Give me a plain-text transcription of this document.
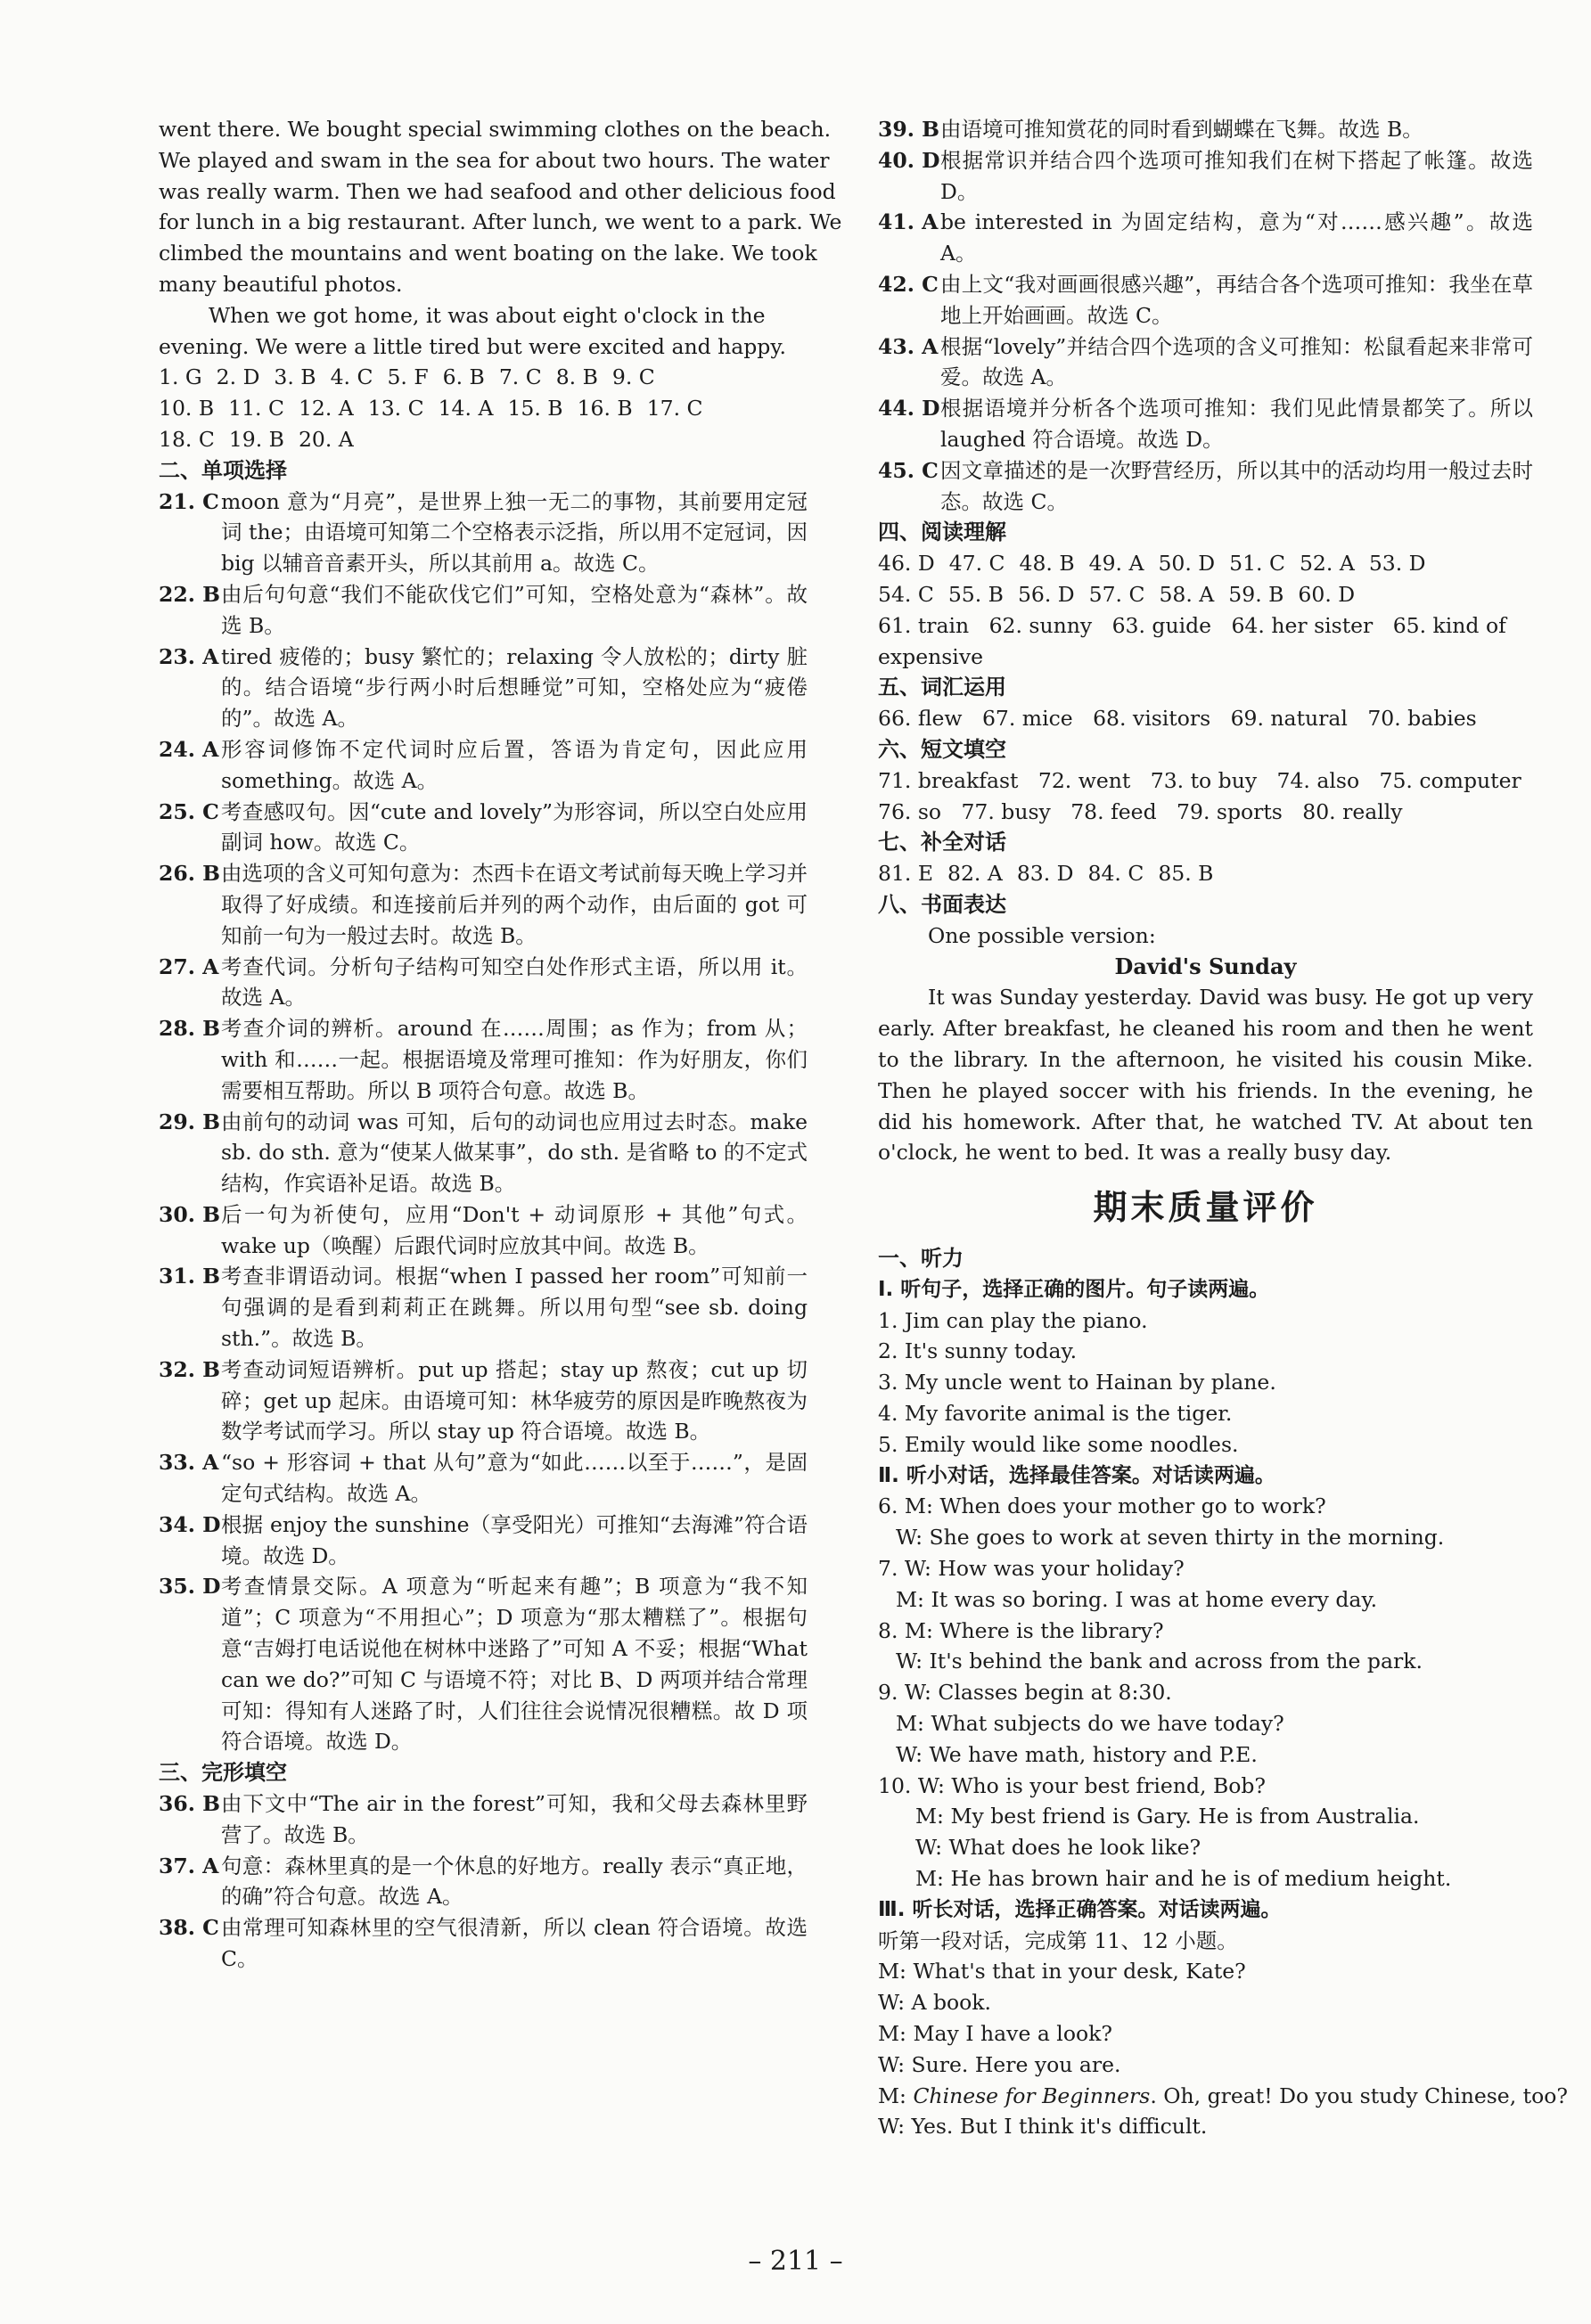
went there. We bought special swimming clothes on the beach.
We played and swam in the sea for about two hours. The water
was really warm. Then we had seafood and other delicious food
for lunch in a big restaurant. After lunch, we went to a park. We
climbed the mountains and went boating on the lake. We took
many beautiful photos.
When we got home, it was about eight o'clock in the evening. We were a little tired but were excited and happy.
1. G 2. D 3. B 4. C 5. F 6. B 7. C 8. B 9. C
10. B 11. C 12. A 13. C 14. A 15. B 16. B 17. C
18. C 19. B 20. A
二、单项选择
21. C moon 意为“月亮”，是世界上独一无二的事物，其前要用定冠词 the；由语境可知第二个空格表示泛指，所以用不定冠词，因 big 以辅音音素开头，所以其前用 a。故选 C。
22. B 由后句句意“我们不能砍伐它们”可知，空格处意为“森林”。故选 B。
23. A tired 疲倦的；busy 繁忙的；relaxing 令人放松的；dirty 脏的。结合语境“步行两小时后想睡觉”可知，空格处应为“疲倦的”。故选 A。
24. A 形容词修饰不定代词时应后置，答语为肯定句，因此应用 something。故选 A。
25. C 考查感叹句。因“cute and lovely”为形容词，所以空白处应用副词 how。故选 C。
26. B 由选项的含义可知句意为：杰西卡在语文考试前每天晚上学习并取得了好成绩。和连接前后并列的两个动作，由后面的 got 可知前一句为一般过去时。故选 B。
27. A 考查代词。分析句子结构可知空白处作形式主语，所以用 it。故选 A。
28. B 考查介词的辨析。around 在……周围；as 作为；from 从；with 和……一起。根据语境及常理可推知：作为好朋友，你们需要相互帮助。所以 B 项符合句意。故选 B。
29. B 由前句的动词 was 可知，后句的动词也应用过去时态。make sb. do sth. 意为“使某人做某事”，do sth. 是省略 to 的不定式结构，作宾语补足语。故选 B。
30. B 后一句为祈使句，应用“Don't + 动词原形 + 其他”句式。wake up（唤醒）后跟代词时应放其中间。故选 B。
31. B 考查非谓语动词。根据“when I passed her room”可知前一句强调的是看到莉莉正在跳舞。所以用句型“see sb. doing sth.”。故选 B。
32. B 考查动词短语辨析。put up 搭起；stay up 熬夜；cut up 切碎；get up 起床。由语境可知：林华疲劳的原因是昨晚熬夜为数学考试而学习。所以 stay up 符合语境。故选 B。
33. A “so + 形容词 + that 从句”意为“如此……以至于……”，是固定句式结构。故选 A。
34. D 根据 enjoy the sunshine（享受阳光）可推知“去海滩”符合语境。故选 D。
35. D 考查情景交际。A 项意为“听起来有趣”；B 项意为“我不知道”；C 项意为“不用担心”；D 项意为“那太糟糕了”。根据句意“吉姆打电话说他在树林中迷路了”可知 A 不妥；根据“What can we do?”可知 C 与语境不符；对比 B、D 两项并结合常理可知：得知有人迷路了时，人们往往会说情况很糟糕。故 D 项符合语境。故选 D。
三、完形填空
36. B 由下文中“The air in the forest”可知，我和父母去森林里野营了。故选 B。
37. A 句意：森林里真的是一个休息的好地方。really 表示“真正地，的确”符合句意。故选 A。
38. C 由常理可知森林里的空气很清新，所以 clean 符合语境。故选 C。
39. B 由语境可推知赏花的同时看到蝴蝶在飞舞。故选 B。
40. D 根据常识并结合四个选项可推知我们在树下搭起了帐篷。故选 D。
41. A be interested in 为固定结构，意为“对……感兴趣”。故选 A。
42. C 由上文“我对画画很感兴趣”，再结合各个选项可推知：我坐在草地上开始画画。故选 C。
43. A 根据“lovely”并结合四个选项的含义可推知：松鼠看起来非常可爱。故选 A。
44. D 根据语境并分析各个选项可推知：我们见此情景都笑了。所以 laughed 符合语境。故选 D。
45. C 因文章描述的是一次野营经历，所以其中的活动均用一般过去时态。故选 C。
四、阅读理解
46. D 47. C 48. B 49. A 50. D 51. C 52. A 53. D
54. C 55. B 56. D 57. C 58. A 59. B 60. D
61. train   62. sunny   63. guide   64. her sister   65. kind of expensive
五、词汇运用
66. flew   67. mice   68. visitors   69. natural   70. babies
六、短文填空
71. breakfast   72. went   73. to buy   74. also   75. computer
76. so   77. busy   78. feed   79. sports   80. really
七、补全对话
81. E 82. A 83. D 84. C 85. B
八、书面表达
One possible version:
David's Sunday
It was Sunday yesterday. David was busy. He got up very early. After breakfast, he cleaned his room and then he went to the library. In the afternoon, he visited his cousin Mike. Then he played soccer with his friends. In the evening, he did his homework. After that, he watched TV. At about ten o'clock, he went to bed. It was a really busy day.
期末质量评价
一、听力
Ⅰ. 听句子，选择正确的图片。句子读两遍。
1. Jim can play the piano.
2. It's sunny today.
3. My uncle went to Hainan by plane.
4. My favorite animal is the tiger.
5. Emily would like some noodles.
Ⅱ. 听小对话，选择最佳答案。对话读两遍。
6. M: When does your mother go to work?
W: She goes to work at seven thirty in the morning.
7. W: How was your holiday?
M: It was so boring. I was at home every day.
8. M: Where is the library?
W: It's behind the bank and across from the park.
9. W: Classes begin at 8:30.
M: What subjects do we have today?
W: We have math, history and P.E.
10. W: Who is your best friend, Bob?
M: My best friend is Gary. He is from Australia.
W: What does he look like?
M: He has brown hair and he is of medium height.
Ⅲ. 听长对话，选择正确答案。对话读两遍。
听第一段对话，完成第 11、12 小题。
M: What's that in your desk, Kate?
W: A book.
M: May I have a look?
W: Sure. Here you are.
M: Chinese for Beginners. Oh, great! Do you study Chinese, too?
W: Yes. But I think it's difficult.
– 211 –
